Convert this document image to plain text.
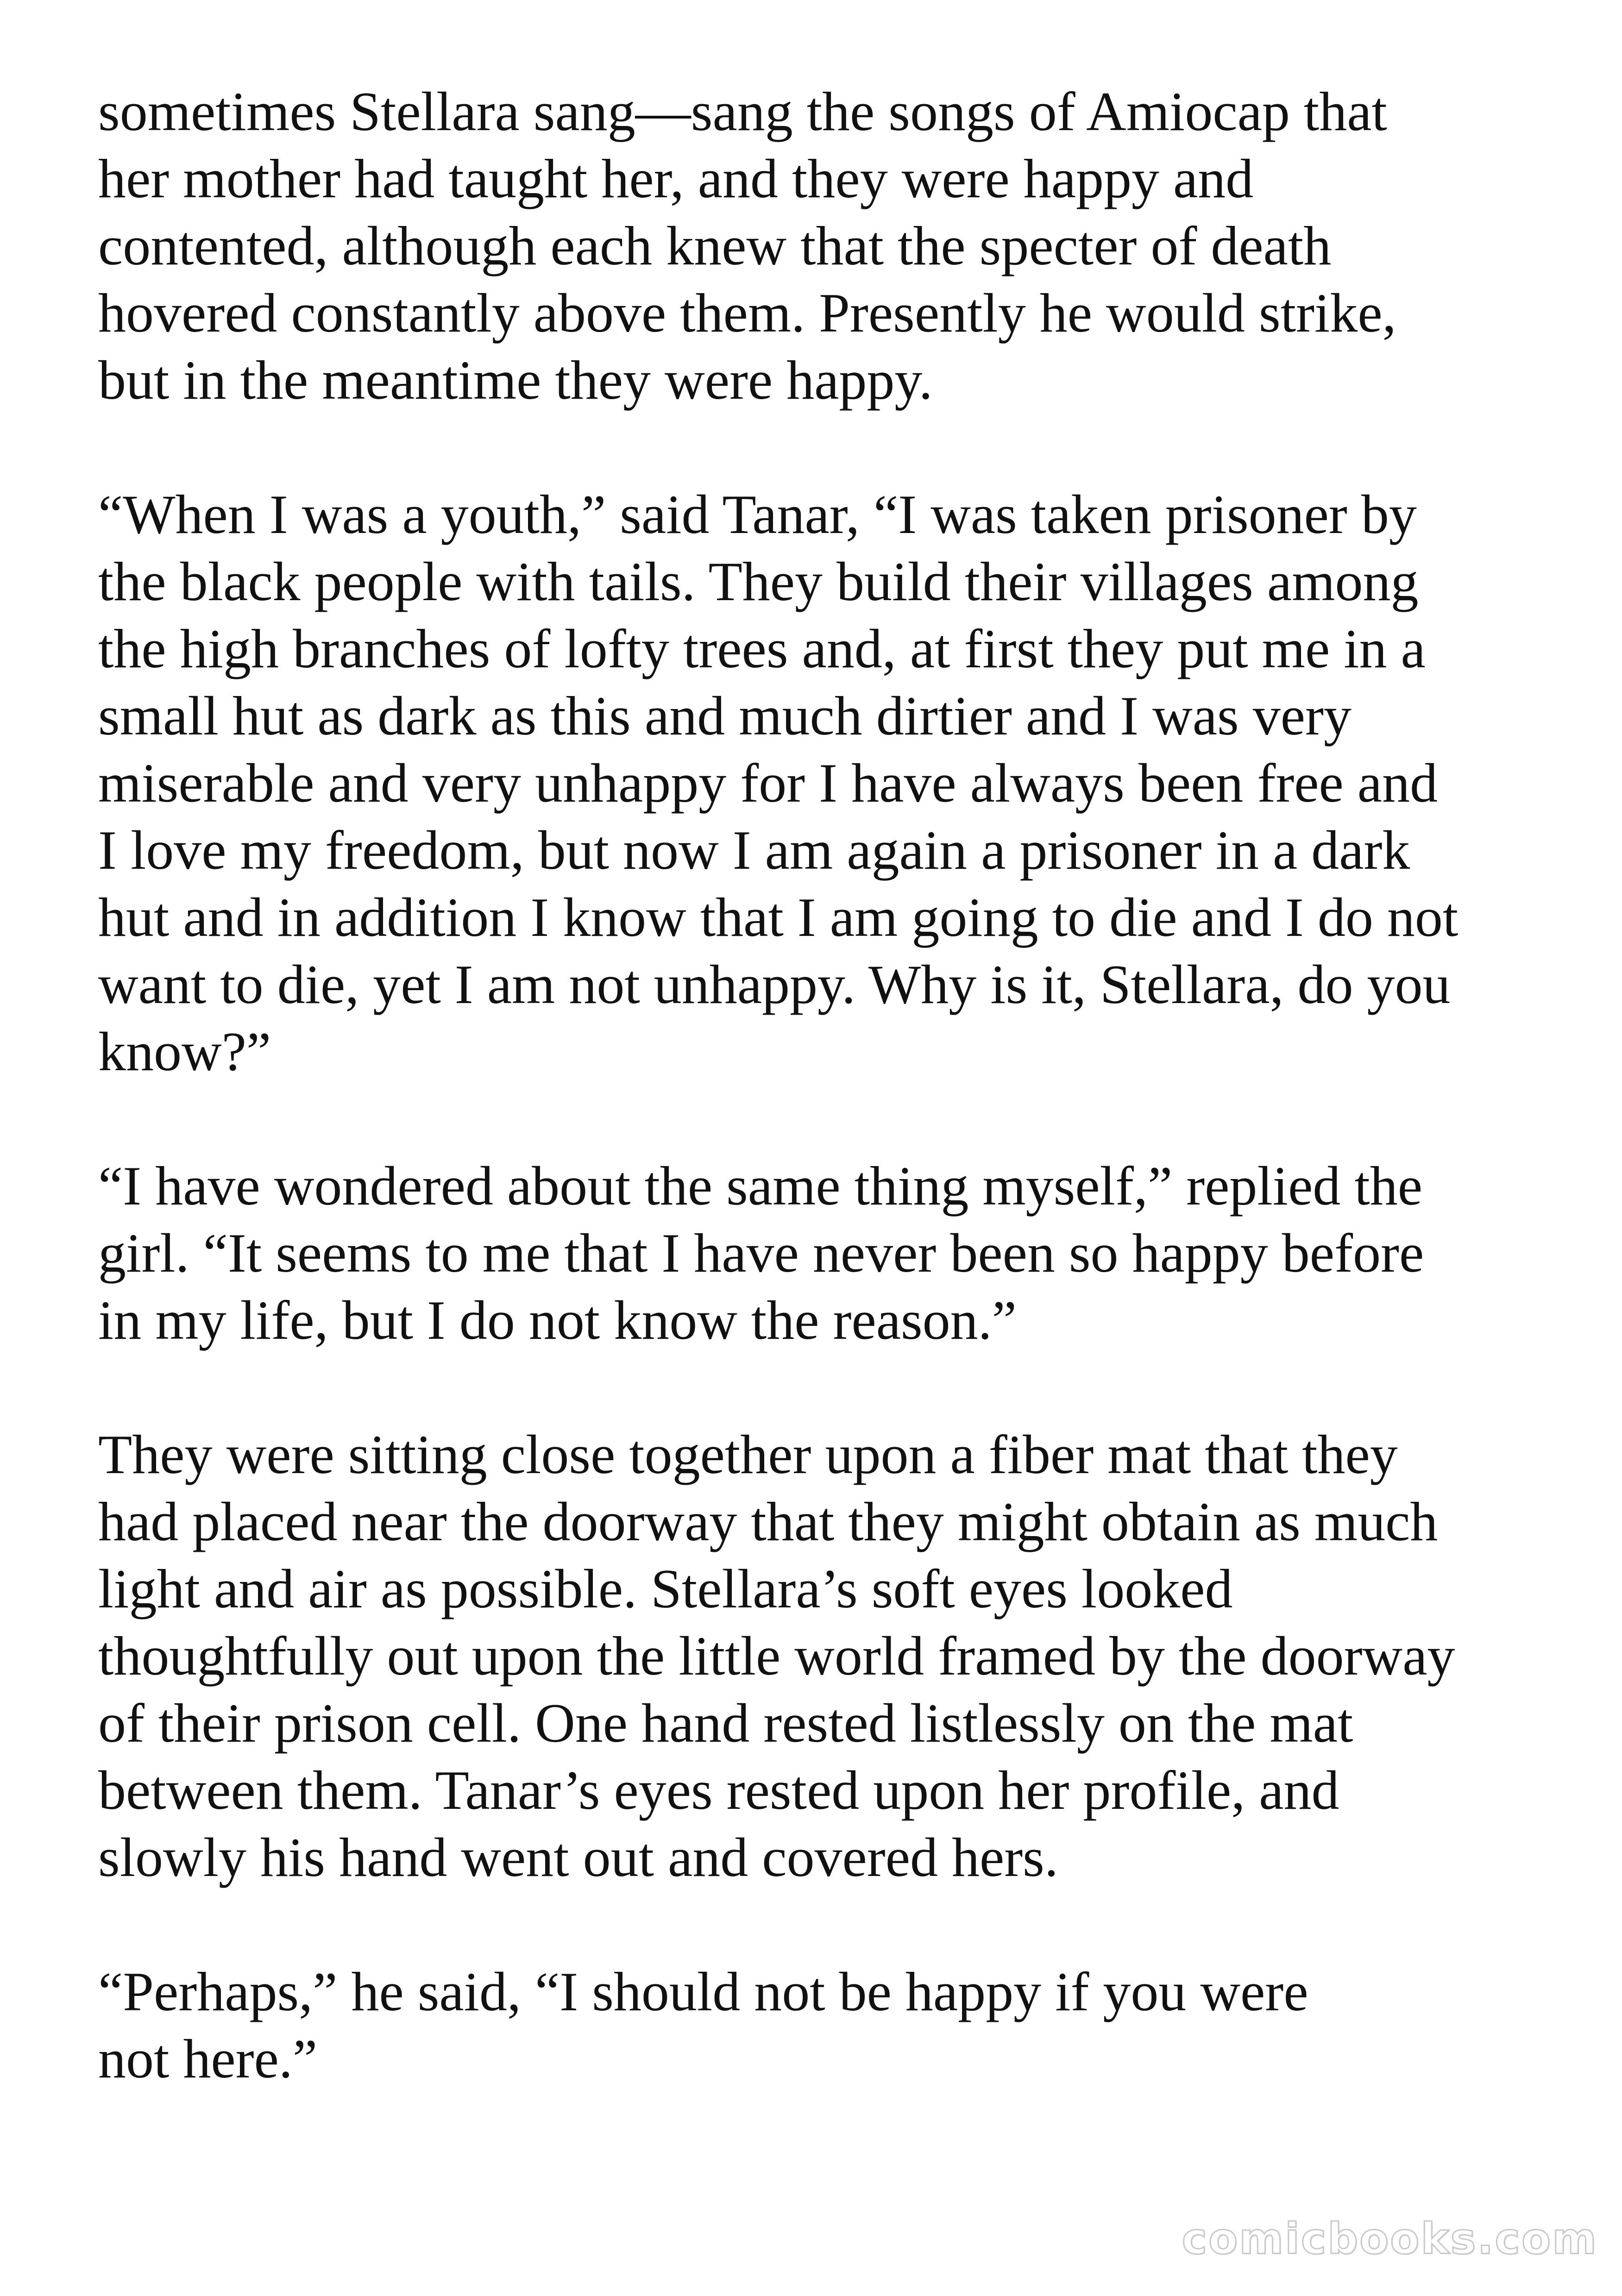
sometimes Stellara sang—sang the songs of Amiocap that
her mother had taught her, and they were happy and
contented, although each knew that the specter of death
hovered constantly above them. Presently he would strike,
but in the meantime they were happy.

“When I was a youth,” said Tanar, “I was taken prisoner by
the black people with tails. They build their villages among
the high branches of lofty trees and, at first they put me in a
small hut as dark as this and much dirtier and I was very
miserable and very unhappy for I have always been free and
I love my freedom, but now I am again a prisoner in a dark
hut and in addition I know that I am going to die and I do not
want to die, yet I am not unhappy. Why is it, Stellara, do you
know?”

“I have wondered about the same thing myself,” replied the
girl. “It seems to me that I have never been so happy before
in my life, but I do not know the reason.”

They were sitting close together upon a fiber mat that they
had placed near the doorway that they might obtain as much
light and air as possible. Stellara’s soft eyes looked
thoughtfully out upon the little world framed by the doorway
of their prison cell. One hand rested listlessly on the mat
between them. Tanar’s eyes rested upon her profile, and
slowly his hand went out and covered hers.

“Perhaps,” he said, “I should not be happy if you were
not here.”

comicbooks.com
